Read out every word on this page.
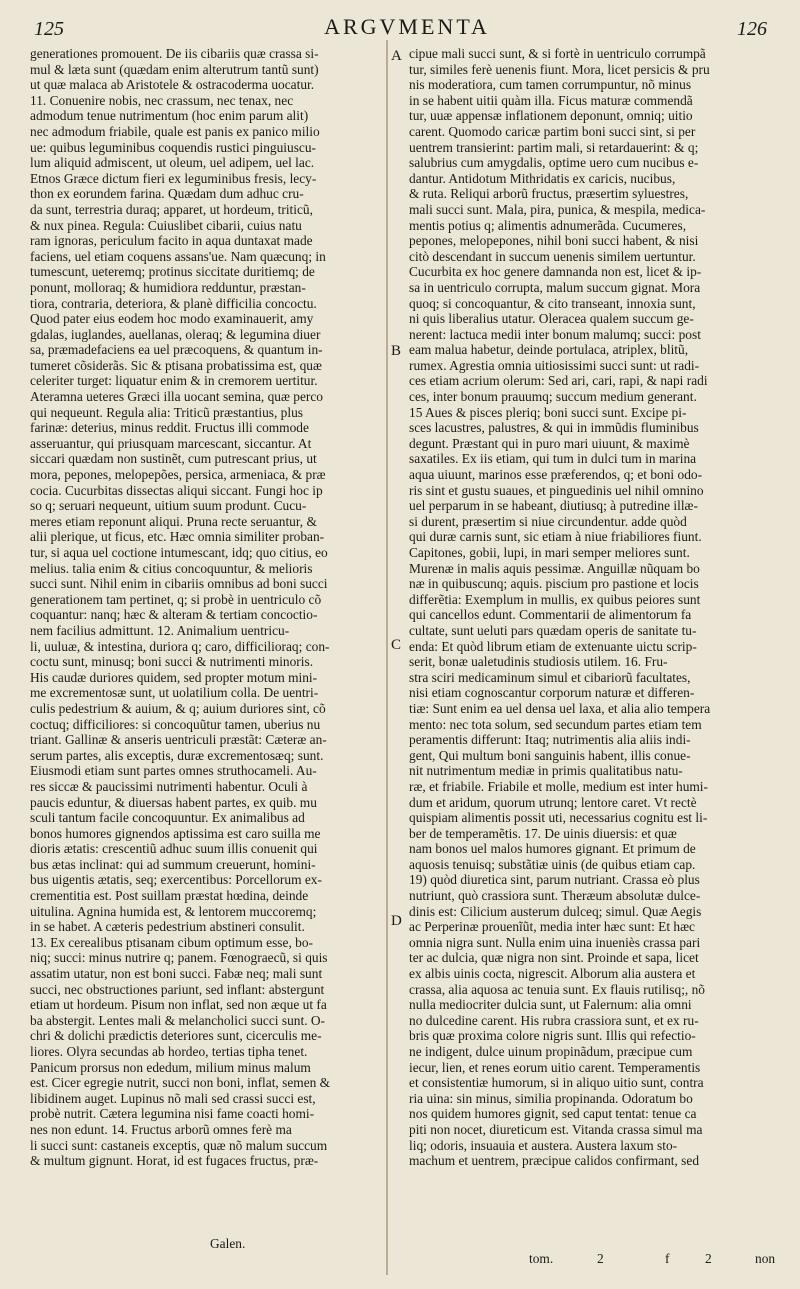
125	ARGVMENTA	126
generationes promouent. De iis cibariis quæ crassa si-
mul & læta sunt (quædam enim alterutrum tantũ sunt)
ut quæ malaca ab Aristotele & ostracoderma uocatur.
11. Conuenire nobis, nec crassum, nec tenax, nec
admodum tenue nutrimentum (hoc enim parum alit)
nec admodum friabile, quale est panis ex panico milio
ue: quibus leguminibus coquendis rustici pinguiuscu-
lum aliquid admiscent, ut oleum, uel adipem, uel lac.
Etnos Græce dictum fieri ex leguminibus fresis, lecy-
thon ex eorundem farina. Quædam dum adhuc cru-
da sunt, terrestria duraq; apparet, ut hordeum, triticũ,
& nux pinea. Regula: Cuiuslibet cibarii, cuius natu
ram ignoras, periculum facito in aqua duntaxat made
faciens, uel etiam coquens assans'ue. Nam quæcunq; in
tumescunt, ueteremq; protinus siccitate duritiemq; de
ponunt, molloraq; & humidiora redduntur, præstan-
tiora, contraria, deteriora, & planè difficilia concoctu.
Quod pater eius eodem hoc modo examinauerit, amy
gdalas, iuglandes, auellanas, oleraq; & legumina diuer
sa, præmadefaciens ea uel præcoquens, & quantum in-
tumeret cõsiderãs. Sic & ptisana probatissima est, quæ
celeriter turget: liquatur enim & in cremorem uertitur.
Ateramna ueteres Græci illa uocant semina, quæ perco
qui nequeunt. Regula alia: Triticũ præstantius, plus
farinæ: deterius, minus reddit. Fructus illi commode
asseruantur, qui priusquam marcescant, siccantur. At
siccari quædam non sustinẽt, cum putrescant prius, ut
mora, pepones, melopepões, persica, armeniaca, & præ
cocia. Cucurbitas dissectas aliqui siccant. Fungi hoc ip
so q; seruari nequeunt, uitium suum produnt. Cucu-
meres etiam reponunt aliqui. Pruna recte seruantur, &
alii plerique, ut ficus, etc. Hæc omnia similiter proban-
tur, si aqua uel coctione intumescant, idq; quo citius, eo
melius. talia enim & citius concoquuntur, & melioris
succi sunt. Nihil enim in cibariis omnibus ad boni succi
generationem tam pertinet, q; si probè in uentriculo cõ
coquantur: nanq; hæc & alteram & tertiam concoctio-
nem facilius admittunt. 12. Animalium uentricu-
li, uuluæ, & intestina, duriora q; caro, difficilioraq; con-
coctu sunt, minusq; boni succi & nutrimenti minoris.
His caudæ duriores quidem, sed propter motum mini-
me excrementosæ sunt, ut uolatilium colla. De uentri-
culis pedestrium & auium, & q; auium duriores sint, cõ
coctuq; difficiliores: si concoquũtur tamen, uberius nu
triant. Gallinæ & anseris uentriculi præstãt: Cæteræ an-
serum partes, alis exceptis, duræ excrementosæq; sunt.
Eiusmodi etiam sunt partes omnes struthocameli. Au-
res siccæ & paucissimi nutrimenti habentur. Oculi à
paucis eduntur, & diuersas habent partes, ex quib. mu
sculi tantum facile concoquuntur. Ex animalibus ad
bonos humores gignendos aptissima est caro suilla me
dioris ætatis: crescentiũ adhuc suum illis conuenit qui
bus ætas inclinat: qui ad summum creuerunt, homini-
bus uigentis ætatis, seq; exercentibus: Porcellorum ex-
crementitia est. Post suillam præstat hœdina, deinde
uitulina. Agnina humida est, & lentorem muccoremq;
in se habet. A cæteris pedestrium abstineri consulit.
13. Ex cerealibus ptisanam cibum optimum esse, bo-
niq; succi: minus nutrire q; panem. Fœnograecũ, si quis
assatim utatur, non est boni succi. Fabæ neq; mali sunt
succi, nec obstructiones pariunt, sed inflant: abstergunt
etiam ut hordeum. Pisum non inflat, sed non æque ut fa
ba abstergit. Lentes mali & melancholici succi sunt. O-
chri & dolichi prædictis deteriores sunt, cicerculis me-
liores. Olyra secundas ab hordeo, tertias tipha tenet.
Panicum prorsus non ededum, milium minus malum
est. Cicer egregie nutrit, succi non boni, inflat, semen &
libidinem auget. Lupinus nõ mali sed crassi succi est,
probè nutrit. Cætera legumina nisi fame coacti homi-
nes non edunt. 14. Fructus arborũ omnes ferè ma
li succi sunt: castaneis exceptis, quæ nõ malum succum
& multum gignunt. Horat, id est fugaces fructus, præ-
Galen.
A
B
C
D
cipue mali succi sunt, & si fortè in uentriculo corrumpã
tur, similes ferè uenenis fiunt. Mora, licet persicis & pru
nis moderatiora, cum tamen corrumpuntur, nõ minus
in se habent uitii quàm illa. Ficus maturæ commendã
tur, uuæ appensæ inflationem deponunt, omniq; uitio
carent. Quomodo caricæ partim boni succi sint, si per
uentrem transierint: partim mali, si retardauerint: & q;
salubrius cum amygdalis, optime uero cum nucibus e-
dantur. Antidotum Mithridatis ex caricis, nucibus,
& ruta. Reliqui arborũ fructus, præsertim syluestres,
mali succi sunt. Mala, pira, punica, & mespila, medica-
mentis potius q; alimentis adnumerãda. Cucumeres,
pepones, melopepones, nihil boni succi habent, & nisi
citò descendant in succum uenenis similem uertuntur.
Cucurbita ex hoc genere damnanda non est, licet & ip-
sa in uentriculo corrupta, malum succum gignat. Mora
quoq; si concoquantur, & cito transeant, innoxia sunt,
ni quis liberalius utatur. Oleracea qualem succum ge-
nerent: lactuca medii inter bonum malumq; succi: post
eam malua habetur, deinde portulaca, atriplex, blitũ,
rumex. Agrestia omnia uitiosissimi succi sunt: ut radi-
ces etiam acrium olerum: Sed ari, cari, rapi, & napi radi
ces, inter bonum prauumq; succum medium generant.
15 Aues & pisces pleriq; boni succi sunt. Excipe pi-
sces lacustres, palustres, & qui in immũdis fluminibus
degunt. Præstant qui in puro mari uiuunt, & maximè
saxatiles. Ex iis etiam, qui tum in dulci tum in marina
aqua uiuunt, marinos esse præferendos, q; et boni odo-
ris sint et gustu suaues, et pinguedinis uel nihil omnino
uel perparum in se habeant, diutiusq; à putredine illæ-
si durent, præsertim si niue circundentur. adde quòd
qui duræ carnis sunt, sic etiam à niue friabiliores fiunt.
Capitones, gobii, lupi, in mari semper meliores sunt.
Murenæ in malis aquis pessimæ. Anguillæ nũquam bo
næ in quibuscunq; aquis. piscium pro pastione et locis
differẽtia: Exemplum in mullis, ex quibus peiores sunt
qui cancellos edunt. Commentarii de alimentorum fa
cultate, sunt ueluti pars quædam operis de sanitate tu-
enda: Et quòd librum etiam de extenuante uictu scrip-
serit, bonæ ualetudinis studiosis utilem. 16. Fru-
stra sciri medicaminum simul et cibariorũ facultates,
nisi etiam cognoscantur corporum naturæ et differen-
tiæ: Sunt enim ea uel densa uel laxa, et alia alio tempera
mento: nec tota solum, sed secundum partes etiam tem
peramentis differunt: Itaq; nutrimentis alia aliis indi-
gent, Qui multum boni sanguinis habent, illis conue-
nit nutrimentum mediæ in primis qualitatibus natu-
ræ, et friabile. Friabile et molle, medium est inter humi-
dum et aridum, quorum utrunq; lentore caret. Vt rectè
quispiam alimentis possit uti, necessarius cognitu est li-
ber de temperamẽtis. 17. De uinis diuersis: et quæ
nam bonos uel malos humores gignant. Et primum de
aquosis tenuisq; substãtiæ uinis (de quibus etiam cap.
19) quòd diuretica sint, parum nutriant. Crassa eò plus
nutriunt, quò crassiora sunt. Theræum absolutæ dulce-
dinis est: Cilicium austerum dulceq; simul. Quæ Aegis
ac Perperinæ prouenĩũt, media inter hæc sunt: Et hæc
omnia nigra sunt. Nulla enim uina inueniès crassa pari
ter ac dulcia, quæ nigra non sint. Proinde et sapa, licet
ex albis uinis cocta, nigrescit. Alborum alia austera et
crassa, alia aquosa ac tenuia sunt. Ex flauis rutilisq;, nõ
nulla mediocriter dulcia sunt, ut Falernum: alia omni
no dulcedine carent. His rubra crassiora sunt, et ex ru-
bris quæ proxima colore nigris sunt. Illis qui refectio-
ne indigent, dulce uinum propinãdum, præcipue cum
iecur, lien, et renes eorum uitio carent. Temperamentis
et consistentiæ humorum, si in aliquo uitio sunt, contra
ria uina: sin minus, similia propinanda. Odoratum bo
nos quidem humores gignit, sed caput tentat: tenue ca
piti non nocet, diureticum est. Vitanda crassa simul ma
liq; odoris, insuauia et austera. Austera laxum sto-
machum et uentrem, præcipue calidos confirmant, sed
tom.	2	f	2	non
